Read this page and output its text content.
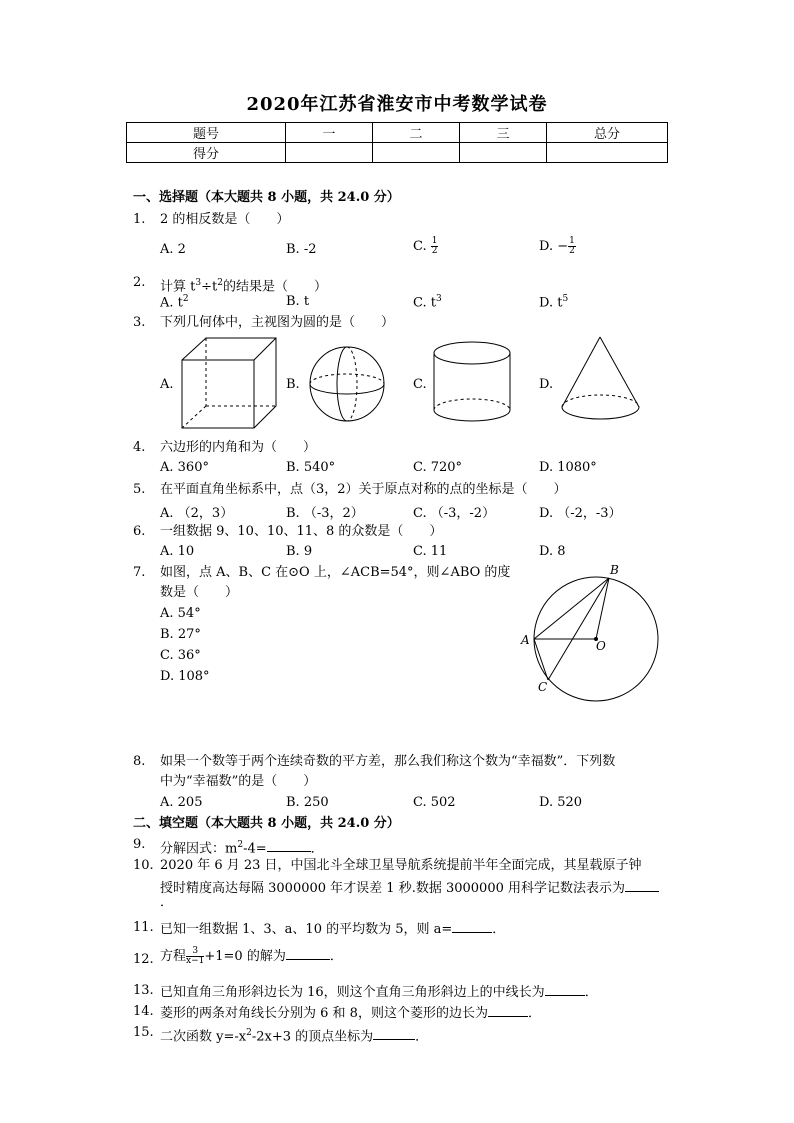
2020年江苏省淮安市中考数学试卷
题号	一	二	三	总分
得分				
一、选择题（本大题共 8 小题，共 24.0 分）
1.	2 的相反数是（　　）
A. 2	B. -2	C. $\frac{1}{2}$	D. − $\frac{1}{2}$
2.	计算 $t^3\div t^2$的结果是（　　）
A. $t^2$	B. t	C. $t^3$	D. $t^5$
3.	下列几何体中，主视图为圆的是（　　）
A.	B.	C.	D.
4.	六边形的内角和为（　　）
A. 360°	B. 540°	C. 720°	D. 1080°
5.	在平面直角坐标系中，点（3，2）关于原点对称的点的坐标是（　　）
A. （2，3）	B. （-3，2）	C. （-3，-2）	D. （-2，-3）
6.	一组数据 9、10、10、11、8 的众数是（　　）
A. 10	B. 9	C. 11	D. 8
7.	如图，点 A、B、C 在⊙O 上，∠ACB=54°，则∠ABO 的度
数是（　　）
A. 54°
B. 27°
C. 36°
D. 108°
B
A	O
C
8.	如果一个数等于两个连续奇数的平方差，那么我们称这个数为“幸福数”．下列数
中为“幸福数”的是（　　）
A. 205	B. 250	C. 502	D. 520
二、填空题（本大题共 8 小题，共 24.0 分）
9.	分解因式：$m^2-4=$	．
10. 2020 年 6 月 23 日，中国北斗全球卫星导航系统提前半年全面完成，其星载原子钟
授时精度高达每隔 3000000 年才误差 1 秒.数据 3000000 用科学记数法表示为
．
11. 已知一组数据 1、3、a、10 的平均数为 5，则 a=	．
12. 方程 $\frac{3}{x-1} +1=0$ 的解为	．
13. 已知直角三角形斜边长为 16，则这个直角三角形斜边上的中线长为	．
14. 菱形的两条对角线长分别为 6 和 8，则这个菱形的边长为	．
15. 二次函数 $y=-x^2-2x+3$ 的顶点坐标为	．
